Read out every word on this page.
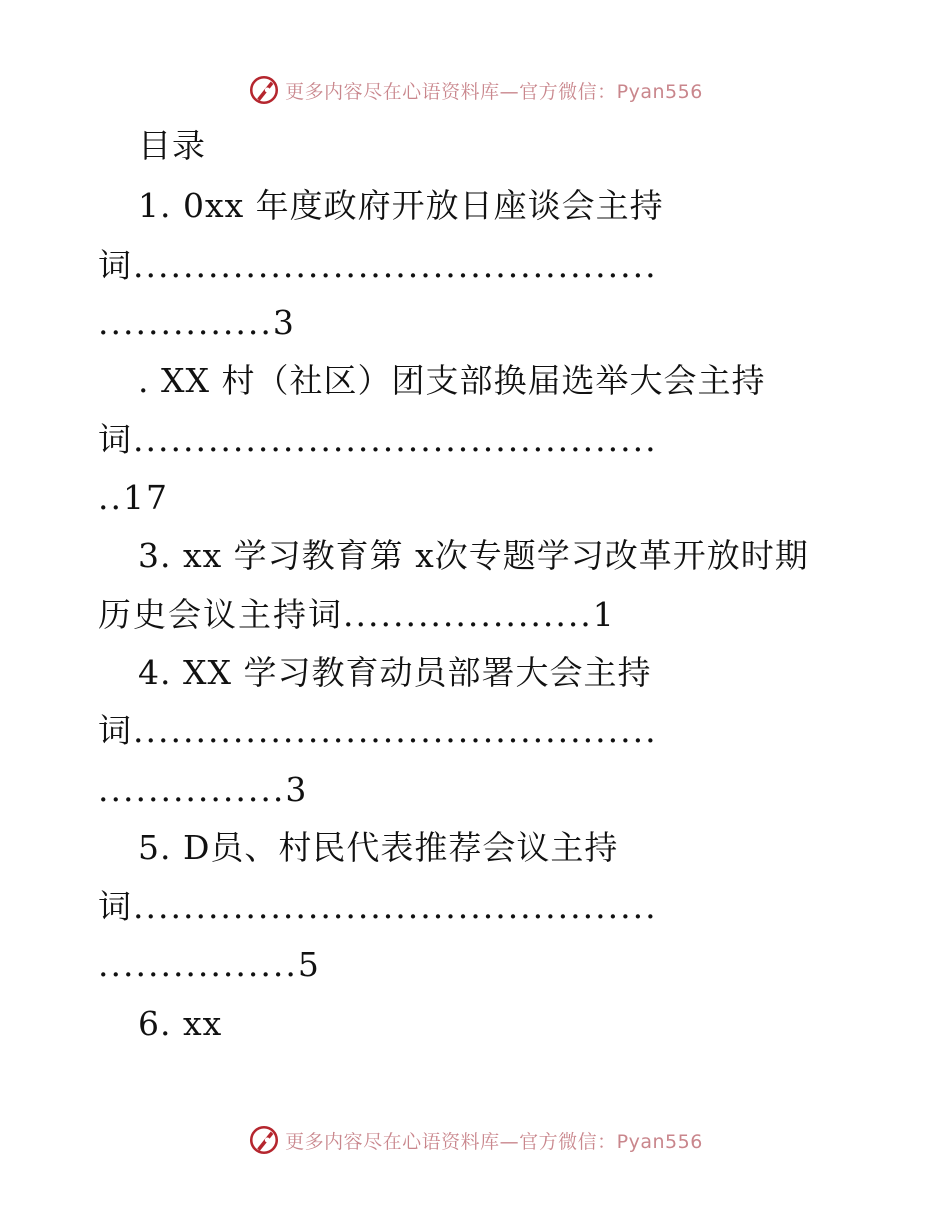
更多内容尽在心语资料库—官方微信：Pyan556
目录
1. 0xx 年度政府开放日座谈会主持
词..........................................
..............3
. XX 村（社区）团支部换届选举大会主持
词..........................................
..17
3. xx 学习教育第 x次专题学习改革开放时期
历史会议主持词....................1
4. XX 学习教育动员部署大会主持
词..........................................
...............3
5. D员、村民代表推荐会议主持
词..........................................
................5
6. xx
更多内容尽在心语资料库—官方微信：Pyan556
